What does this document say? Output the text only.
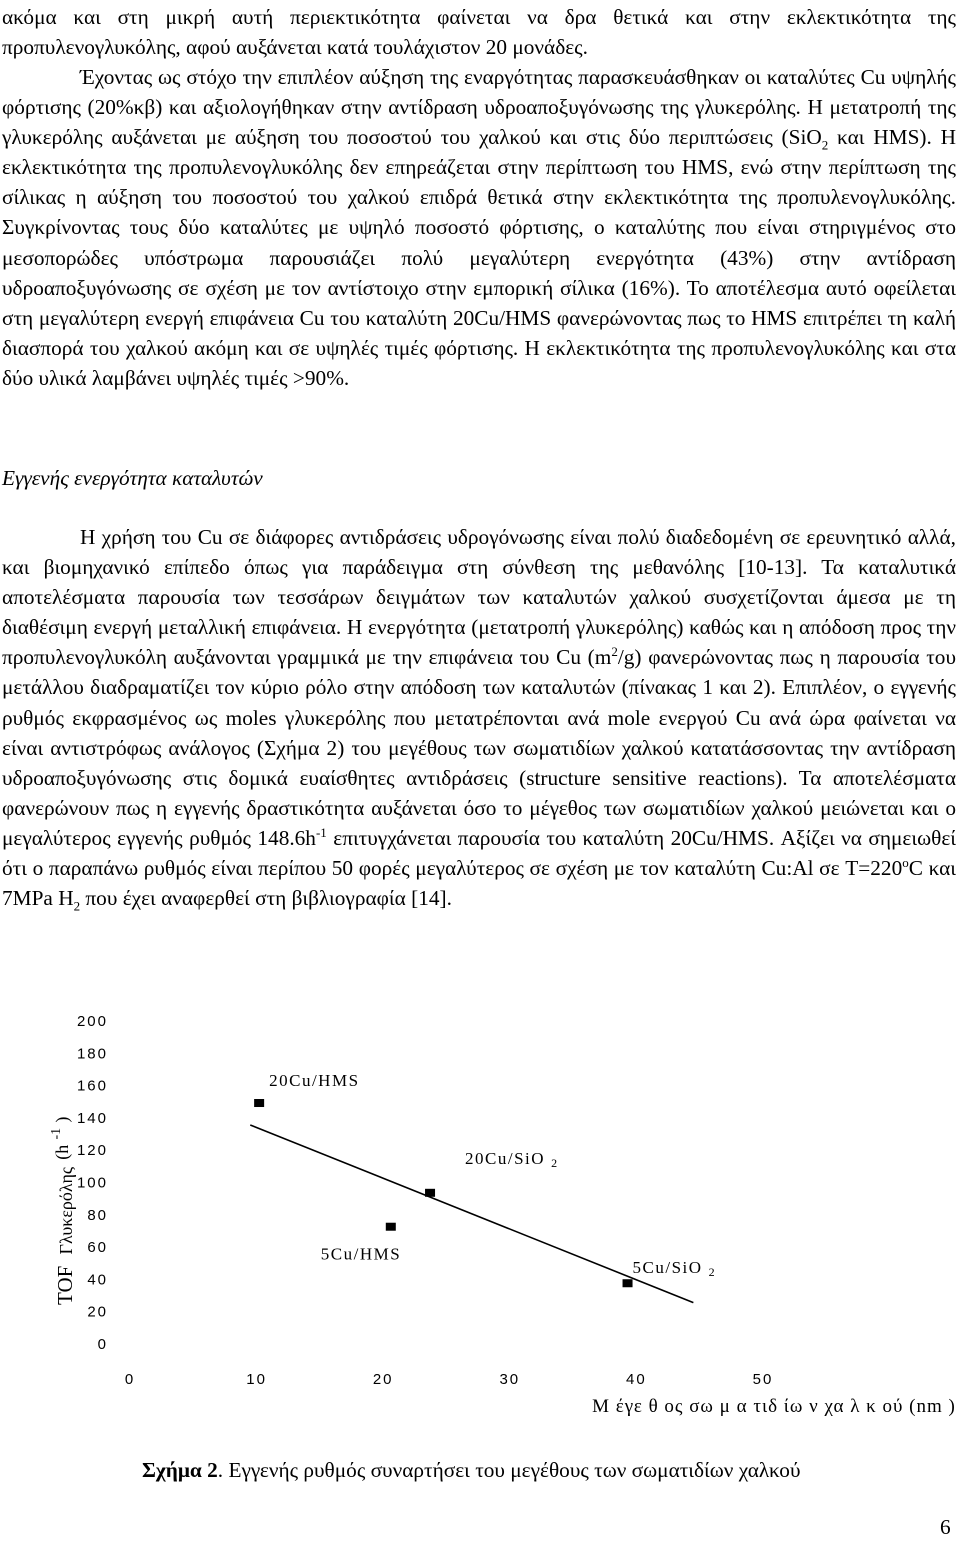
ακόμα και στη μικρή αυτή περιεκτικότητα φαίνεται να δρα θετικά και στην εκλεκτικότητα της προπυλενογλυκόλης, αφού αυξάνεται κατά τουλάχιστον 20 μονάδες.

Έχοντας ως στόχο την επιπλέον αύξηση της εναργότητας παρασκευάσθηκαν οι καταλύτες Cu υψηλής φόρτισης (20%κβ) και αξιολογήθηκαν στην αντίδραση υδροαποξυγόνωσης της γλυκερόλης. Η μετατροπή της γλυκερόλης αυξάνεται με αύξηση του ποσοστού του χαλκού και στις δύο περιπτώσεις (SiO$_2$ και HMS). Η εκλεκτικότητα της προπυλενογλυκόλης δεν επηρεάζεται στην περίπτωση του HMS, ενώ στην περίπτωση της σίλικας η αύξηση του ποσοστού του χαλκού επιδρά θετικά στην εκλεκτικότητα της προπυλενογλυκόλης. Συγκρίνοντας τους δύο καταλύτες με υψηλό ποσοστό φόρτισης, ο καταλύτης που είναι στηριγμένος στο μεσοπορώδες υπόστρωμα παρουσιάζει πολύ μεγαλύτερη ενεργότητα (43%) στην αντίδραση υδροαποξυγόνωσης σε σχέση με τον αντίστοιχο στην εμπορική σίλικα (16%). Το αποτέλεσμα αυτό οφείλεται στη μεγαλύτερη ενεργή επιφάνεια Cu του καταλύτη 20Cu/HMS φανερώνοντας πως το HMS επιτρέπει τη καλή διασπορά του χαλκού ακόμη και σε υψηλές τιμές φόρτισης. Η εκλεκτικότητα της προπυλενογλυκόλης και στα δύο υλικά λαμβάνει υψηλές τιμές >90%.

Εγγενής ενεργότητα καταλυτών

Η χρήση του Cu σε διάφορες αντιδράσεις υδρογόνωσης είναι πολύ διαδεδομένη σε ερευνητικό αλλά, και βιομηχανικό επίπεδο όπως για παράδειγμα στη σύνθεση της μεθανόλης [10-13]. Τα καταλυτικά αποτελέσματα παρουσία των τεσσάρων δειγμάτων των καταλυτών χαλκού συσχετίζονται άμεσα με τη διαθέσιμη ενεργή μεταλλική επιφάνεια. Η ενεργότητα (μετατροπή γλυκερόλης) καθώς και η απόδοση προς την προπυλενογλυκόλη αυξάνονται γραμμικά με την επιφάνεια του Cu $(m^2/g)$ φανερώνοντας πως η παρουσία του μετάλλου διαδραματίζει τον κύριο ρόλο στην απόδοση των καταλυτών (πίνακας 1 και 2). Επιπλέον, ο εγγενής ρυθμός εκφρασμένος ως moles γλυκερόλης που μετατρέπονται ανά mole ενεργού Cu ανά ώρα φαίνεται να είναι αντιστρόφως ανάλογος (Σχήμα 2) του μεγέθους των σωματιδίων χαλκού κατατάσσοντας την αντίδραση υδροαποξυγόνωσης στις δομικά ευαίσθητες αντιδράσεις (structure sensitive reactions). Τα αποτελέσματα φανερώνουν πως η εγγενής δραστικότητα αυξάνεται όσο το μέγεθος των σωματιδίων χαλκού μειώνεται και ο μεγαλύτερος εγγενής ρυθμός $148.6h^{-1}$ επιτυγχάνεται παρουσία του καταλύτη 20Cu/HMS. Αξίζει να σημειωθεί ότι ο παραπάνω ρυθμός είναι περίπου 50 φορές μεγαλύτερος σε σχέση με τον καταλύτη Cu:Al σε $T=220^oC$ και 7MPa $H_2$ που έχει αναφερθεί στη βιβλιογραφία [14].

0
20
40
60
80
100
120
140
160
180
200
0	10	20	30	40	50
20Cu/HMS
5Cu/HMS
20Cu/SiO 2
5Cu/SiO 2
Μ έγε θ ος σω μ α τιδ ίω ν χα λ κ ού (nm )
TOF Γλυκερόλης (h $^{-1}$ )

Σχήμα 2. Εγγενής ρυθμός συναρτήσει του μεγέθους των σωματιδίων χαλκού

6
